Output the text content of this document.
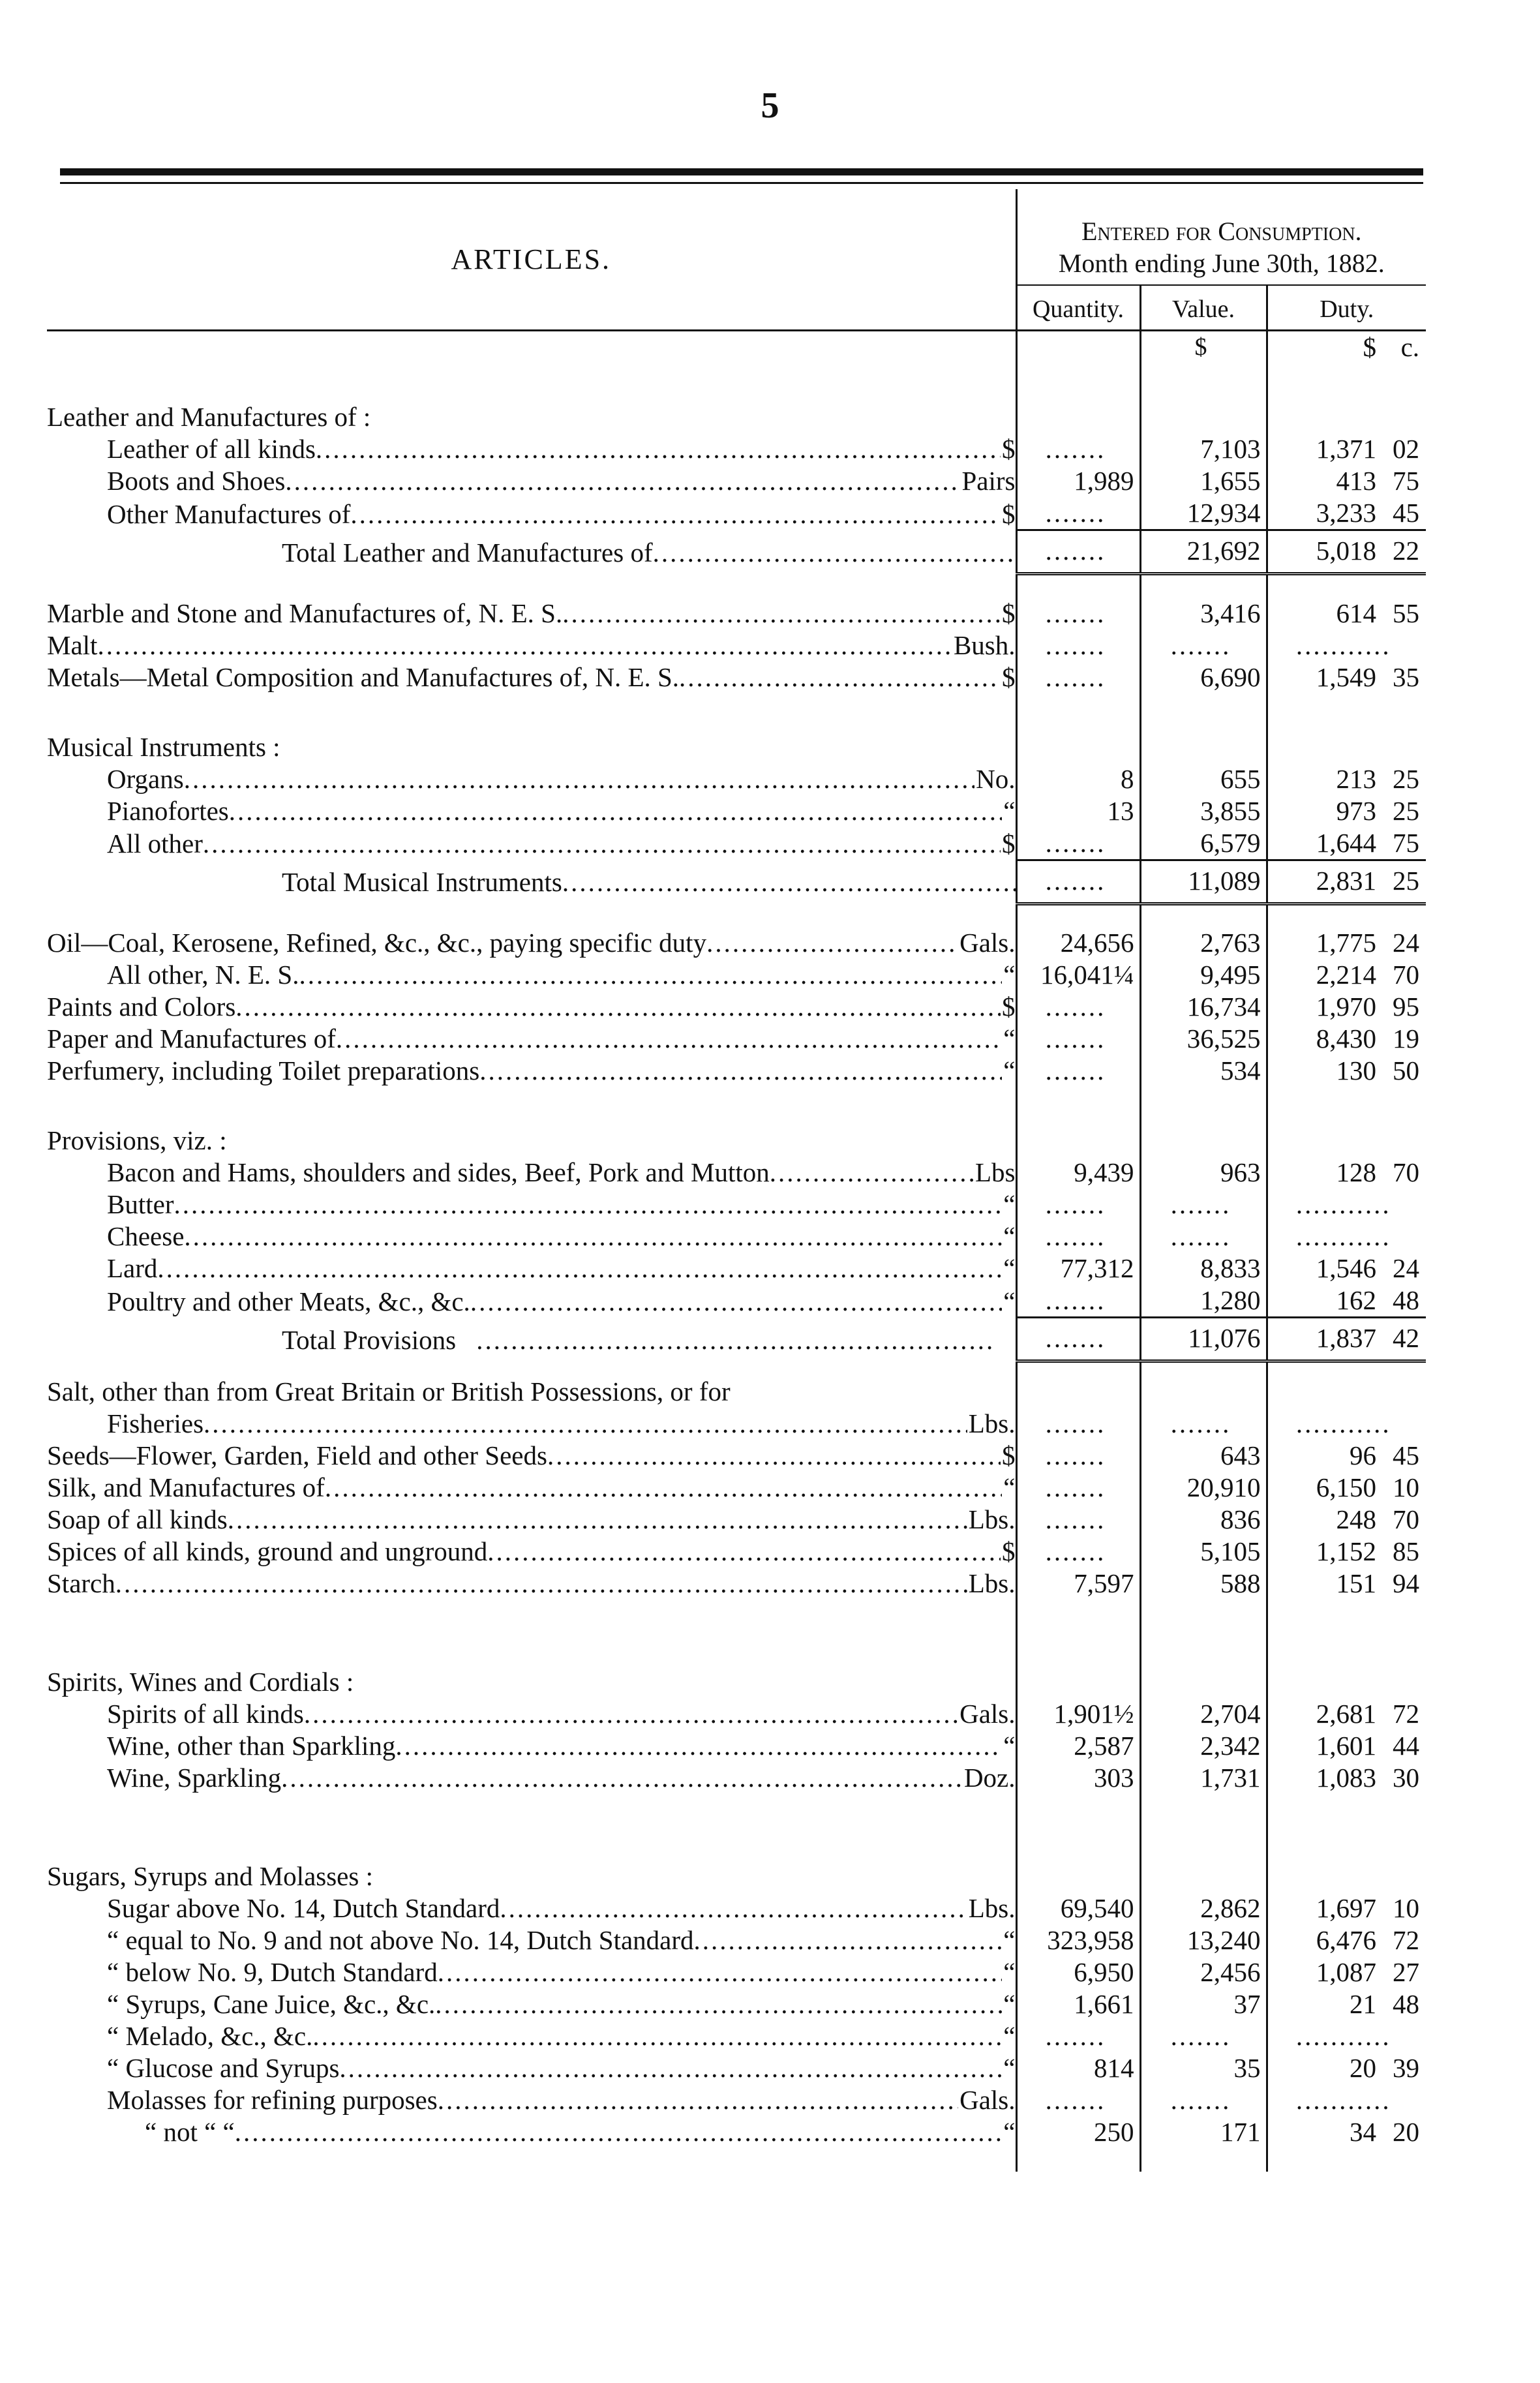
5
ARTICLES.	Entered for Consumption.		
	Month ending June 30th, 1882.		
	Quantity.	Value.	Duty.
		$	$ c.

Leather and Manufactures of :			

Leather of all kinds ..... $	.......	7,103	1,371 02

Boots and Shoes ..... Pairs	1,989	1,655	413 75

Other Manufactures of ..... $	.......	12,934	3,233 45

Total Leather and Manufactures of
.....	.......	21,692	5,018 22

Marble and Stone and Manufactures of, N. E. S. ..... $	.......	3,416	614 55

Malt ..... Bush.	.......	.......	...........

Metals—Metal Composition and Manufactures of, N. E. S. ..... $	.......	6,690	1,549 35

Musical Instruments :			

Organs ..... No.	8	655	213 25

Pianofortes ..... “	13	3,855	973 25

All other ..... $	.......	6,579	1,644 75

Total Musical Instruments
.....	.......	11,089	2,831 25

Oil—Coal, Kerosene, Refined, &c., &c., paying specific duty ..... Gals.	24,656	2,763	1,775 24

All other, N. E. S. ..... “	16,041¼	9,495	2,214 70

Paints and Colors ..... $	.......	16,734	1,970 95

Paper and Manufactures of ..... “	.......	36,525	8,430 19

Perfumery, including Toilet preparations ..... “	.......	534	130 50

Provisions, viz. :			

Bacon and Hams, shoulders and sides, Beef, Pork and Mutton ..... Lbs	9,439	963	128 70

Butter ..... “	.......	.......	...........

Cheese ..... “	.......	.......	...........

Lard ..... “	77,312	8,833	1,546 24

Poultry and other Meats, &c., &c. ..... “	.......	1,280	162 48

Total Provisions
.....	.......	11,076	1,837 42
Salt, other than from Great Britain or British Possessions, or for			

Fisheries ..... Lbs.	.......	.......	...........

Seeds—Flower, Garden, Field and other Seeds ..... $	.......	643	96 45

Silk, and Manufactures of ..... “	.......	20,910	6,150 10

Soap of all kinds ..... Lbs.	.......	836	248 70

Spices of all kinds, ground and unground ..... $	.......	5,105	1,152 85

Starch ..... Lbs.	7,597	588	151 94

Spirits, Wines and Cordials :			

Spirits of all kinds ..... Gals.	1,901½	2,704	2,681 72

Wine, other than Sparkling ..... “	2,587	2,342	1,601 44

Wine, Sparkling ..... Doz.	303	1,731	1,083 30

Sugars, Syrups and Molasses :			

Sugar above No. 14, Dutch Standard ..... Lbs.	69,540	2,862	1,697 10

“ equal to No. 9 and not above No. 14, Dutch Standard ..... “	323,958	13,240	6,476 72

“ below No. 9, Dutch Standard ..... “	6,950	2,456	1,087 27

“ Syrups, Cane Juice, &c., &c. ..... “	1,661	37	21 48

“ Melado, &c., &c. ..... “	.......	.......	...........

“ Glucose and Syrups ..... “	814	35	20 39

Molasses for refining purposes ..... Gals.	.......	.......	...........

“ not “ “ ..... “	250	171	34 20
